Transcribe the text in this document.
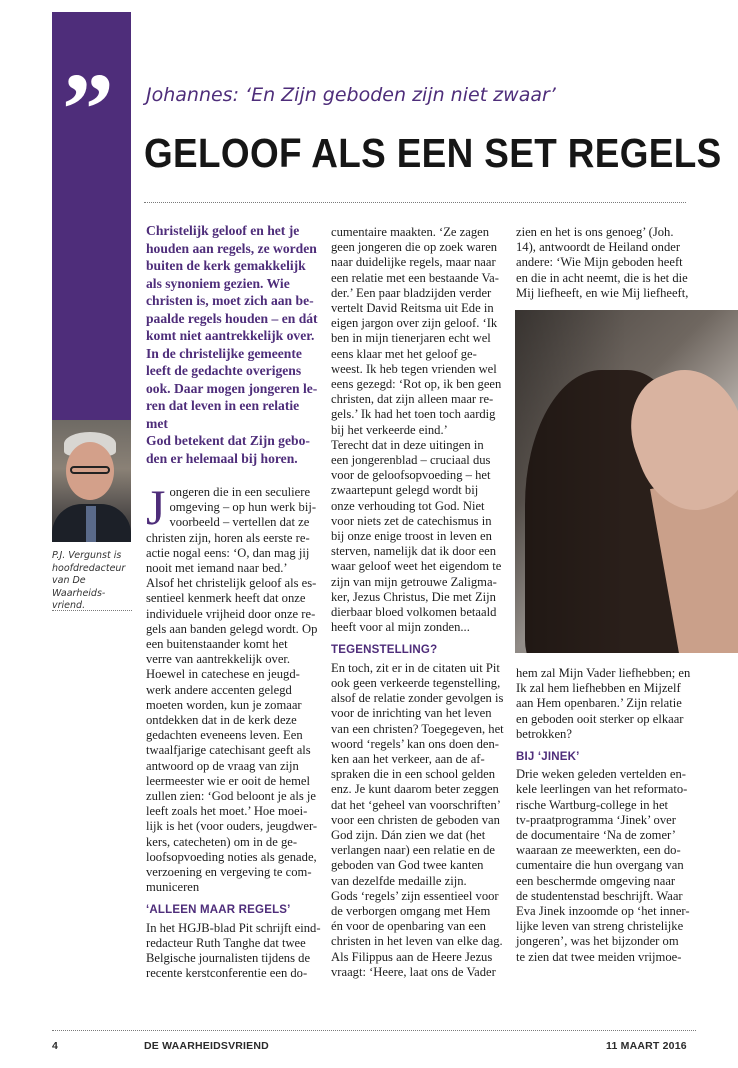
” Johannes: ‘En Zijn geboden zijn niet zwaar’
GELOOF ALS EEN SET REGELS
P.J. Vergunst is
hoofdredacteur
van De Waarheids-
vriend.
Christelijk geloof en het je
houden aan regels, ze worden
buiten de kerk gemakkelijk
als synoniem gezien. Wie
christen is, moet zich aan be-
paalde regels houden – en dát
komt niet aantrekkelijk over.
In de christelijke gemeente
leeft de gedachte overigens
ook. Daar mogen jongeren le-
ren dat leven in een relatie met
God betekent dat Zijn gebo-
den er helemaal bij horen.
J ongeren die in een seculiere
omgeving – op hun werk bij-
voorbeeld – vertellen dat ze
christen zijn, horen als eerste re-
actie nogal eens: ‘O, dan mag jij
nooit met iemand naar bed.’
Alsof het christelijk geloof als es-
sentieel kenmerk heeft dat onze
individuele vrijheid door onze re-
gels aan banden gelegd wordt. Op
een buitenstaander komt het
verre van aantrekkelijk over.
Hoewel in catechese en jeugd-
werk andere accenten gelegd
moeten worden, kun je zomaar
ontdekken dat in de kerk deze
gedachten eveneens leven. Een
twaalfjarige catechisant geeft als
antwoord op de vraag van zijn
leermeester wie er ooit de hemel
zullen zien: ‘God beloont je als je
leeft zoals het moet.’ Hoe moei-
lijk is het (voor ouders, jeugdwer-
kers, catecheten) om in de ge-
loofsopvoeding noties als genade,
verzoening en vergeving te com-
municeren
‘ALLEEN MAAR REGELS’
In het HGJB-blad Pit schrijft eind-
redacteur Ruth Tanghe dat twee
Belgische journalisten tijdens de
recente kerstconferentie een do-
cumentaire maakten. ‘Ze zagen
geen jongeren die op zoek waren
naar duidelijke regels, maar naar
een relatie met een bestaande Va-
der.’ Een paar bladzijden verder
vertelt David Reitsma uit Ede in
eigen jargon over zijn geloof. ‘Ik
ben in mijn tienerjaren echt wel
eens klaar met het geloof ge-
weest. Ik heb tegen vrienden wel
eens gezegd: ‘Rot op, ik ben geen
christen, dat zijn alleen maar re-
gels.’ Ik had het toen toch aardig
bij het verkeerde eind.’
Terecht dat in deze uitingen in
een jongerenblad – cruciaal dus
voor de geloofsopvoeding – het
zwaartepunt gelegd wordt bij
onze verhouding tot God. Niet
voor niets zet de catechismus in
bij onze enige troost in leven en
sterven, namelijk dat ik door een
waar geloof weet het eigendom te
zijn van mijn getrouwe Zaligma-
ker, Jezus Christus, Die met Zijn
dierbaar bloed volkomen betaald
heeft voor al mijn zonden...
TEGENSTELLING?
En toch, zit er in de citaten uit Pit
ook geen verkeerde tegenstelling,
alsof de relatie zonder gevolgen is
voor de inrichting van het leven
van een christen? Toegegeven, het
woord ‘regels’ kan ons doen den-
ken aan het verkeer, aan de af-
spraken die in een school gelden
enz. Je kunt daarom beter zeggen
dat het ‘geheel van voorschriften’
voor een christen de geboden van
God zijn. Dán zien we dat (het
verlangen naar) een relatie en de
geboden van God twee kanten
van dezelfde medaille zijn.
Gods ‘regels’ zijn essentieel voor
de verborgen omgang met Hem
én voor de openbaring van een
christen in het leven van elke dag.
Als Filippus aan de Heere Jezus
vraagt: ‘Heere, laat ons de Vader
zien en het is ons genoeg’ (Joh.
14), antwoordt de Heiland onder
andere: ‘Wie Mijn geboden heeft
en die in acht neemt, die is het die
Mij liefheeft, en wie Mij liefheeft,
hem zal Mijn Vader liefhebben; en
Ik zal hem liefhebben en Mijzelf
aan Hem openbaren.’ Zijn relatie
en geboden ooit sterker op elkaar
betrokken?
BIJ ‘JINEK’
Drie weken geleden vertelden en-
kele leerlingen van het reformato-
rische Wartburg-college in het
tv-praatprogramma ‘Jinek’ over
de documentaire ‘Na de zomer’
waaraan ze meewerkten, een do-
cumentaire die hun overgang van
een beschermde omgeving naar
de studentenstad beschrijft. Waar
Eva Jinek inzoomde op ‘het inner-
lijke leven van streng christelijke
jongeren’, was het bijzonder om
te zien dat twee meiden vrijmoe-
4	DE WAARHEIDSVRIEND	11 MAART 2016
